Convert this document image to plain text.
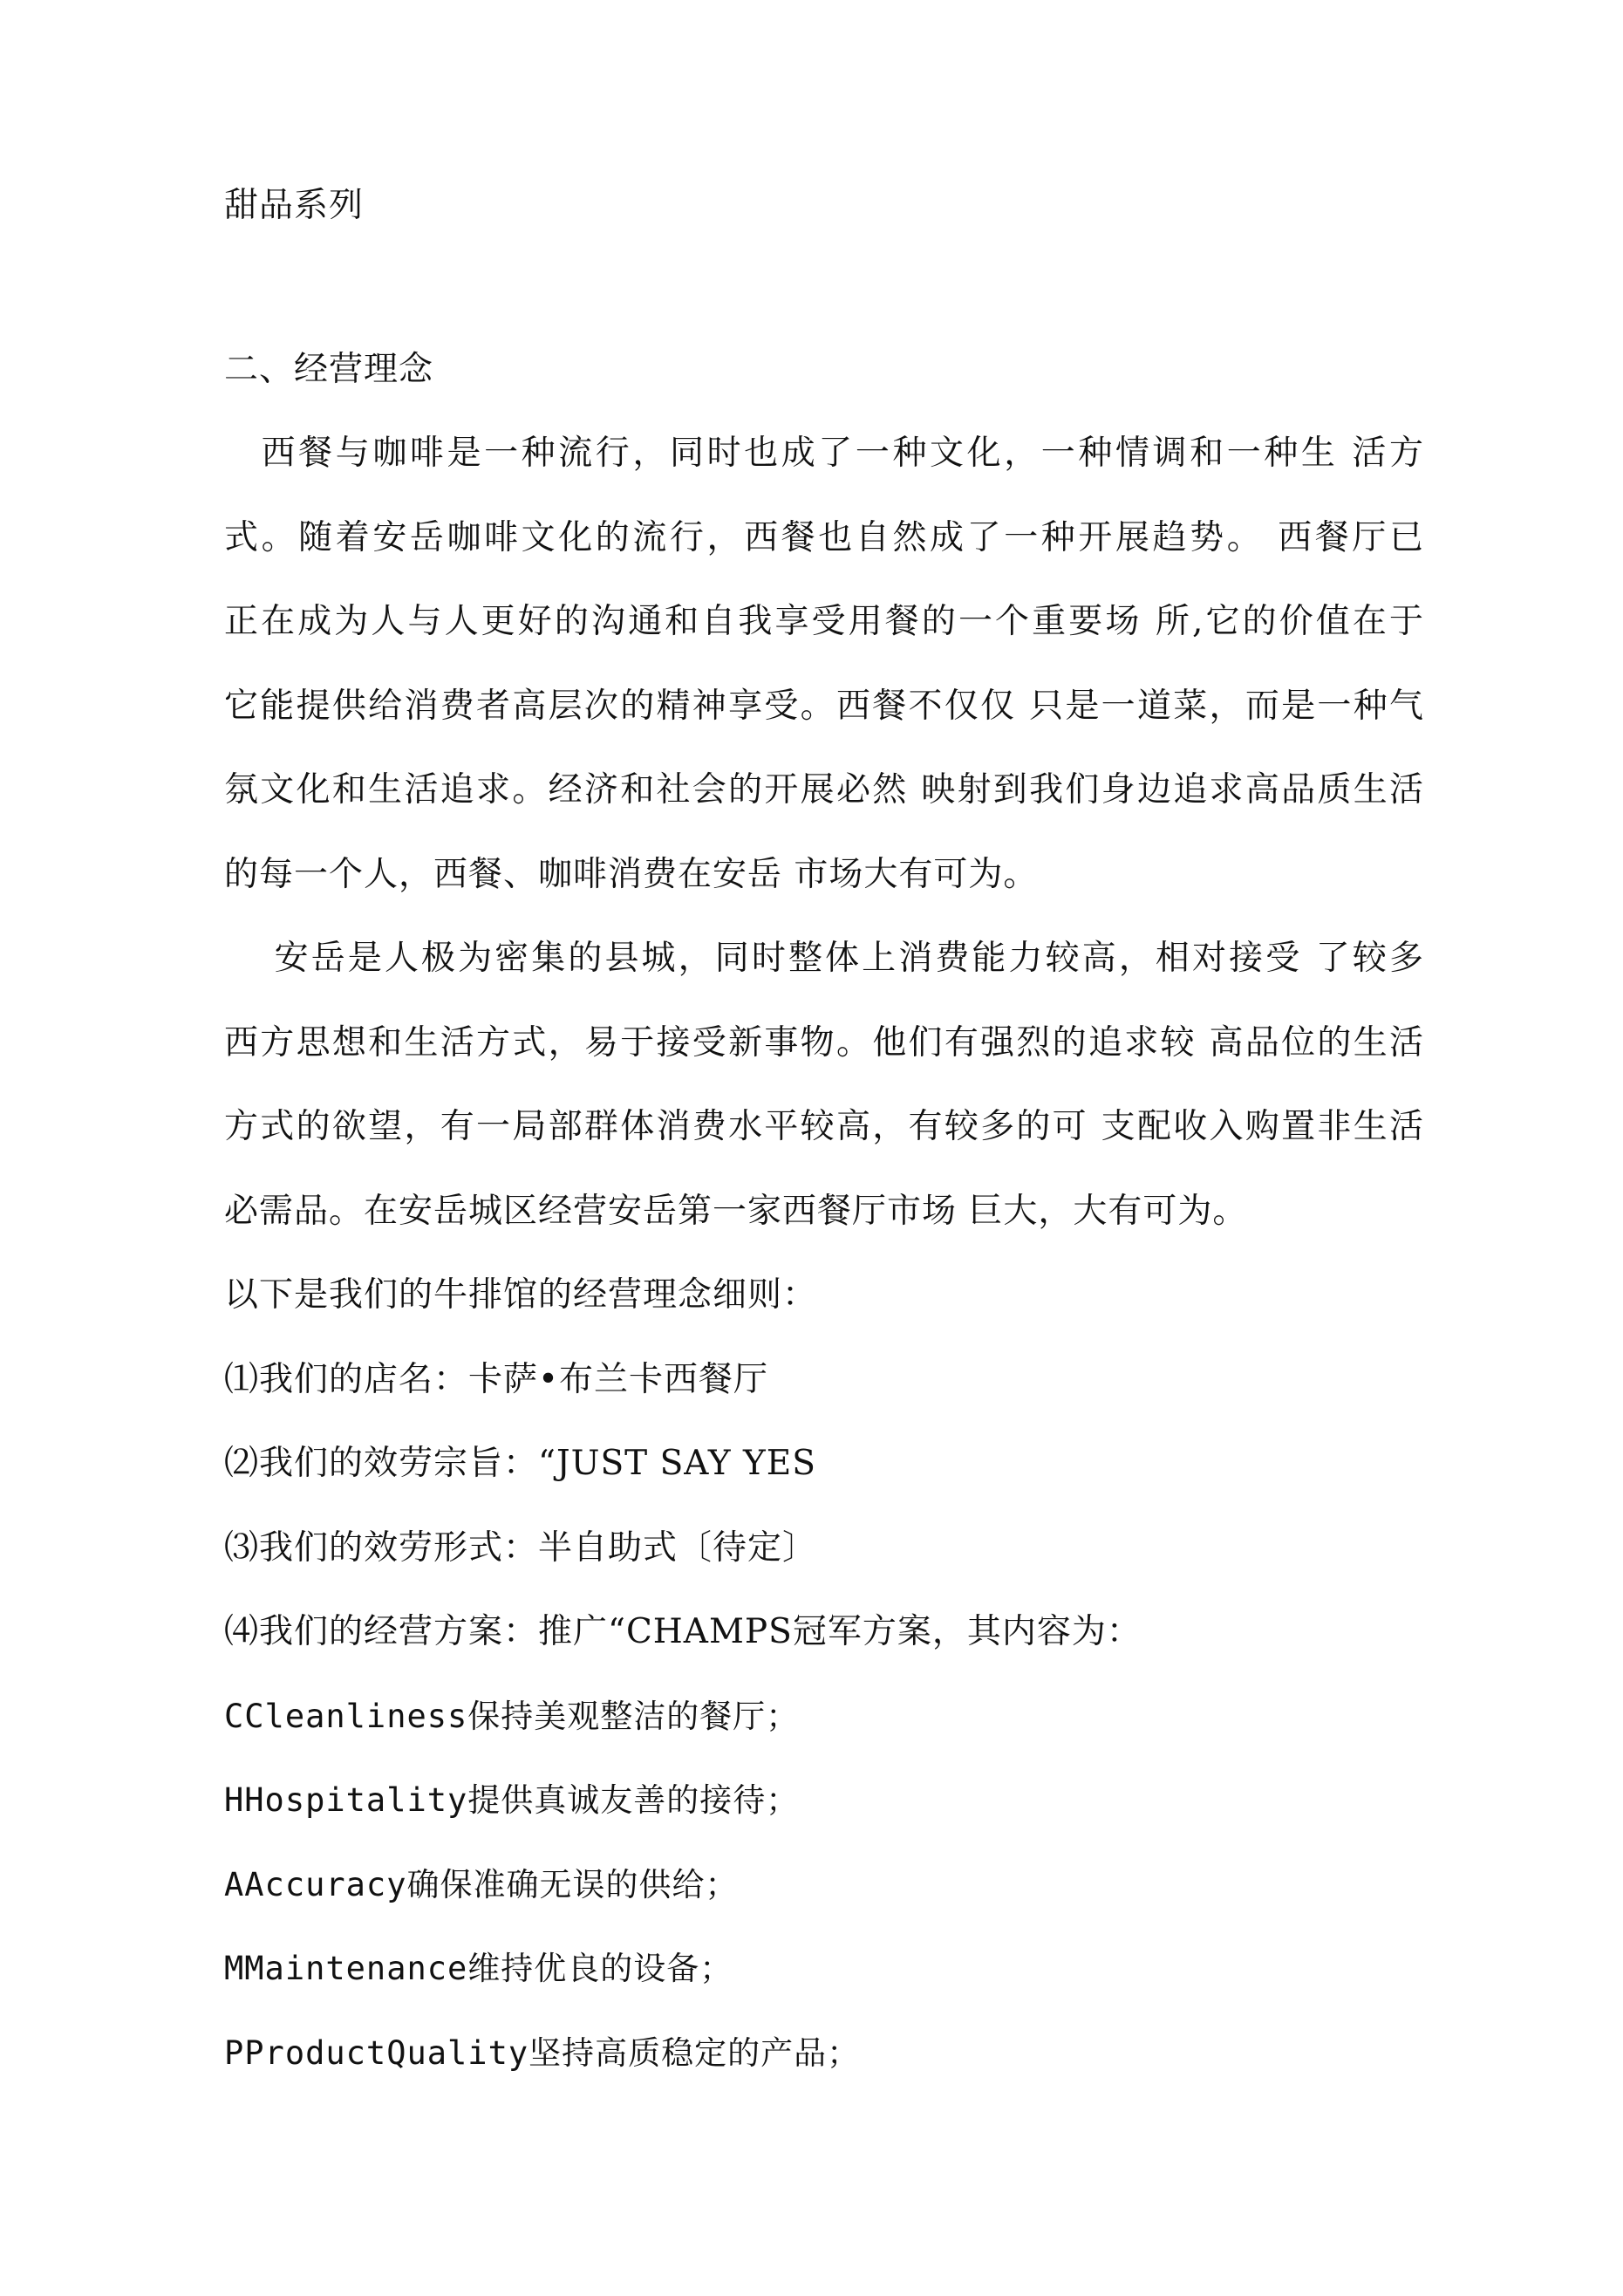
甜品系列

二、经营理念

　西餐与咖啡是一种流行，同时也成了一种文化，一种情调和一种生 活方

式。随着安岳咖啡文化的流行，西餐也自然成了一种开展趋势。 西餐厅已

正在成为人与人更好的沟通和自我享受用餐的一个重要场 所,它的价值在于

它能提供给消费者高层次的精神享受。西餐不仅仅 只是一道菜，而是一种气

氛文化和生活追求。经济和社会的开展必然 映射到我们身边追求高品质生活

的每一个人，西餐、咖啡消费在安岳 市场大有可为。

　 安岳是人极为密集的县城，同时整体上消费能力较高，相对接受 了较多

西方思想和生活方式，易于接受新事物。他们有强烈的追求较 高品位的生活

方式的欲望，有一局部群体消费水平较高，有较多的可 支配收入购置非生活

必需品。在安岳城区经营安岳第一家西餐厅市场 巨大，大有可为。

以下是我们的牛排馆的经营理念细则：

⑴我们的店名：卡萨•布兰卡西餐厅

⑵我们的效劳宗旨：“JUST SAY YES

⑶我们的效劳形式：半自助式〔待定〕

⑷我们的经营方案：推广“CHAMPS冠军方案，其内容为：

CCleanliness保持美观整洁的餐厅；

HHospitality提供真诚友善的接待；

AAccuracy确保准确无误的供给；

MMaintenance维持优良的设备；

PProductQuality坚持高质稳定的产品；
